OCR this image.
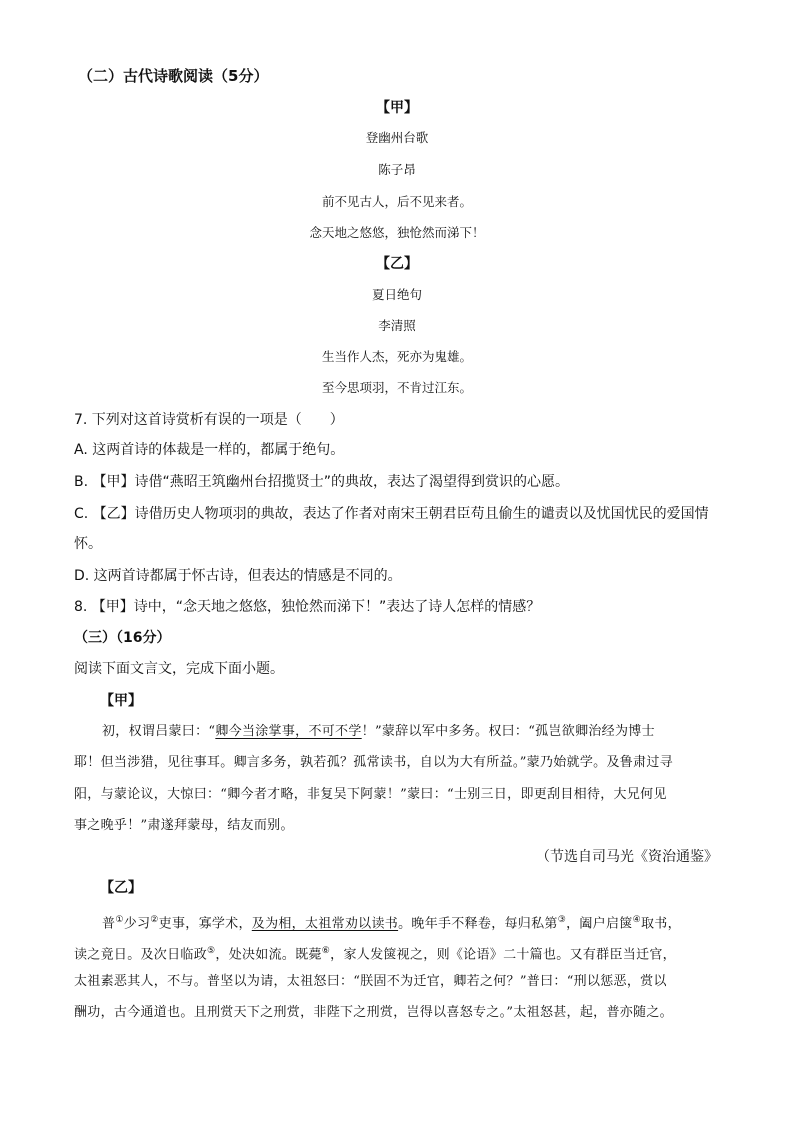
（二）古代诗歌阅读（5分）
【甲】
登幽州台歌
陈子昂
前不见古人，后不见来者。
念天地之悠悠，独怆然而涕下！
【乙】
夏日绝句
李清照
生当作人杰，死亦为鬼雄。
至今思项羽，不肯过江东。
7. 下列对这首诗赏析有误的一项是（　　）
A. 这两首诗的体裁是一样的，都属于绝句。
B. 【甲】诗借“燕昭王筑幽州台招揽贤士”的典故，表达了渴望得到赏识的心愿。
C. 【乙】诗借历史人物项羽的典故，表达了作者对南宋王朝君臣苟且偷生的谴责以及忧国忧民的爱国情
怀。
D. 这两首诗都属于怀古诗，但表达的情感是不同的。
8. 【甲】诗中，“念天地之悠悠，独怆然而涕下！”表达了诗人怎样的情感？
（三）（16分）
阅读下面文言文，完成下面小题。
【甲】
初，权谓吕蒙曰：“卿今当涂掌事，不可不学！”蒙辞以军中多务。权曰：“孤岂欲卿治经为博士
耶！但当涉猎，见往事耳。卿言多务，孰若孤？孤常读书，自以为大有所益。”蒙乃始就学。及鲁肃过寻
阳，与蒙论议，大惊曰：“卿今者才略，非复吴下阿蒙！”蒙曰：“士别三日，即更刮目相待，大兄何见
事之晚乎！”肃遂拜蒙母，结友而别。
（节选自司马光《资治通鉴》
【乙】
普①少习②吏事，寡学术，及为相，太祖常劝以读书。晚年手不释卷，每归私第③，阖户启箧④取书，
读之竟日。及次日临政⑤，处决如流。既薨⑥，家人发箧视之，则《论语》二十篇也。又有群臣当迁官，
太祖素恶其人，不与。普坚以为请，太祖怒曰：“朕固不为迁官，卿若之何？”普曰：“刑以惩恶，赏以
酬功，古今通道也。且刑赏天下之刑赏，非陛下之刑赏，岂得以喜怒专之。”太祖怒甚，起，普亦随之。
